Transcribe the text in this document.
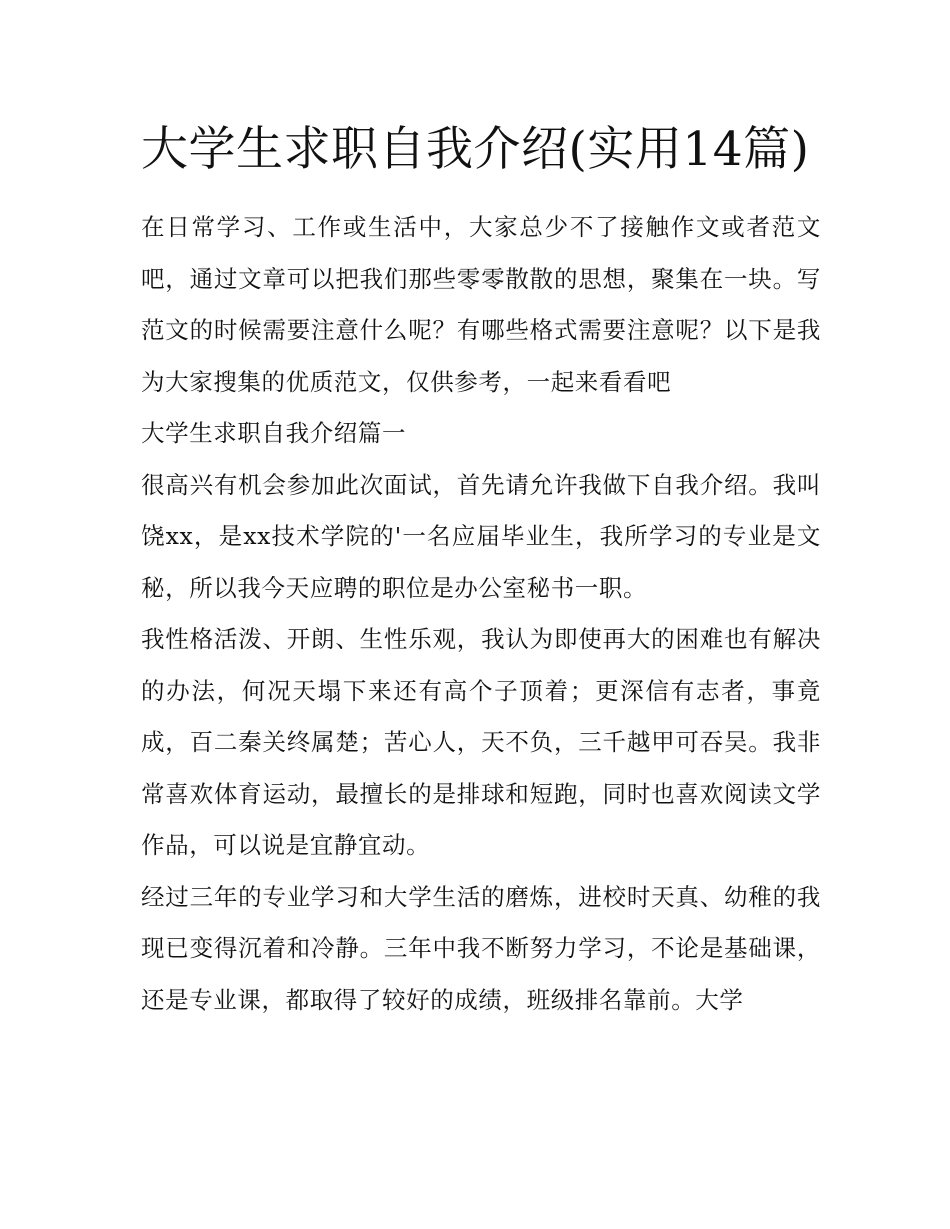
大学生求职自我介绍(实用14篇)

在日常学习、工作或生活中，大家总少不了接触作文或者范文吧，通过文章可以把我们那些零零散散的思想，聚集在一块。写范文的时候需要注意什么呢？有哪些格式需要注意呢？以下是我为大家搜集的优质范文，仅供参考，一起来看看吧

大学生求职自我介绍篇一

很高兴有机会参加此次面试，首先请允许我做下自我介绍。我叫饶xx，是xx技术学院的'一名应届毕业生，我所学习的专业是文秘，所以我今天应聘的职位是办公室秘书一职。

我性格活泼、开朗、生性乐观，我认为即使再大的困难也有解决的办法，何况天塌下来还有高个子顶着；更深信有志者，事竟成，百二秦关终属楚；苦心人，天不负，三千越甲可吞吴。我非常喜欢体育运动，最擅长的是排球和短跑，同时也喜欢阅读文学作品，可以说是宜静宜动。

经过三年的专业学习和大学生活的磨炼，进校时天真、幼稚的我现已变得沉着和冷静。三年中我不断努力学习，不论是基础课，还是专业课，都取得了较好的成绩，班级排名靠前。大学
